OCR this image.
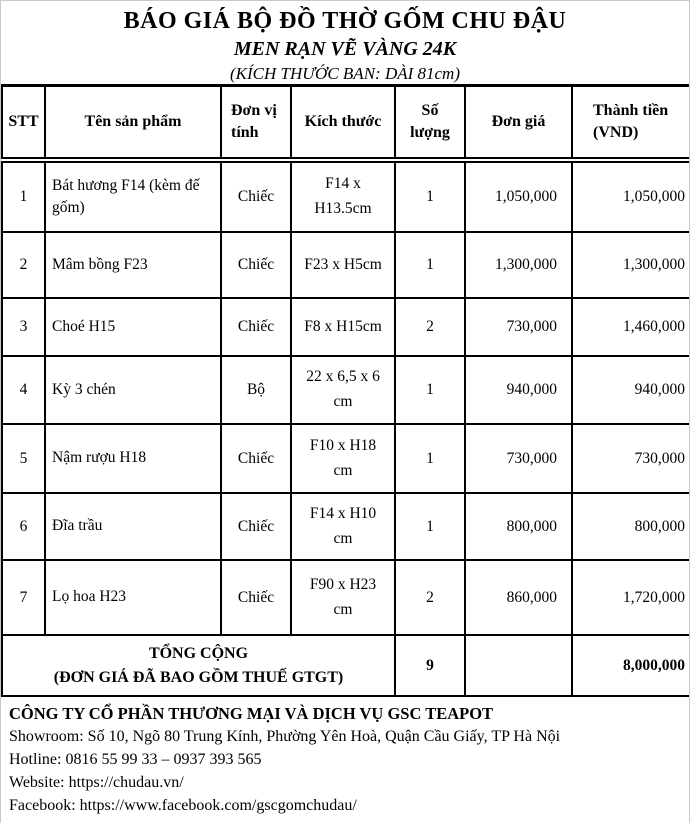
BÁO GIÁ BỘ ĐỒ THỜ GỐM CHU ĐẬU
MEN RẠN VẼ VÀNG 24K
(KÍCH THƯỚC BAN: DÀI 81cm)
STT	Tên sản phẩm	Đơn vị tính	Kích thước	Số lượng	Đơn giá	Thành tiền (VND)
1	Bát hương F14 (kèm đế gốm)	Chiếc	F14 x H13.5cm	1	1,050,000	1,050,000
2	Mâm bồng F23	Chiếc	F23 x H5cm	1	1,300,000	1,300,000
3	Choé H15	Chiếc	F8 x H15cm	2	730,000	1,460,000
4	Kỳ 3 chén	Bộ	22 x 6,5 x 6 cm	1	940,000	940,000
5	Nậm rượu H18	Chiếc	F10 x H18 cm	1	730,000	730,000
6	Đĩa trầu	Chiếc	F14 x H10 cm	1	800,000	800,000
7	Lọ hoa H23	Chiếc	F90 x H23 cm	2	860,000	1,720,000

TỔNG CỘNG
(ĐƠN GIÁ ĐÃ BAO GỒM THUẾ GTGT)				9		8,000,000
CÔNG TY CỔ PHẦN THƯƠNG MẠI VÀ DỊCH VỤ GSC TEAPOT
Showroom: Số 10, Ngõ 80 Trung Kính, Phường Yên Hoà, Quận Cầu Giấy, TP Hà Nội
Hotline: 0816 55 99 33 – 0937 393 565
Website: https://chudau.vn/
Facebook: https://www.facebook.com/gscgomchudau/
